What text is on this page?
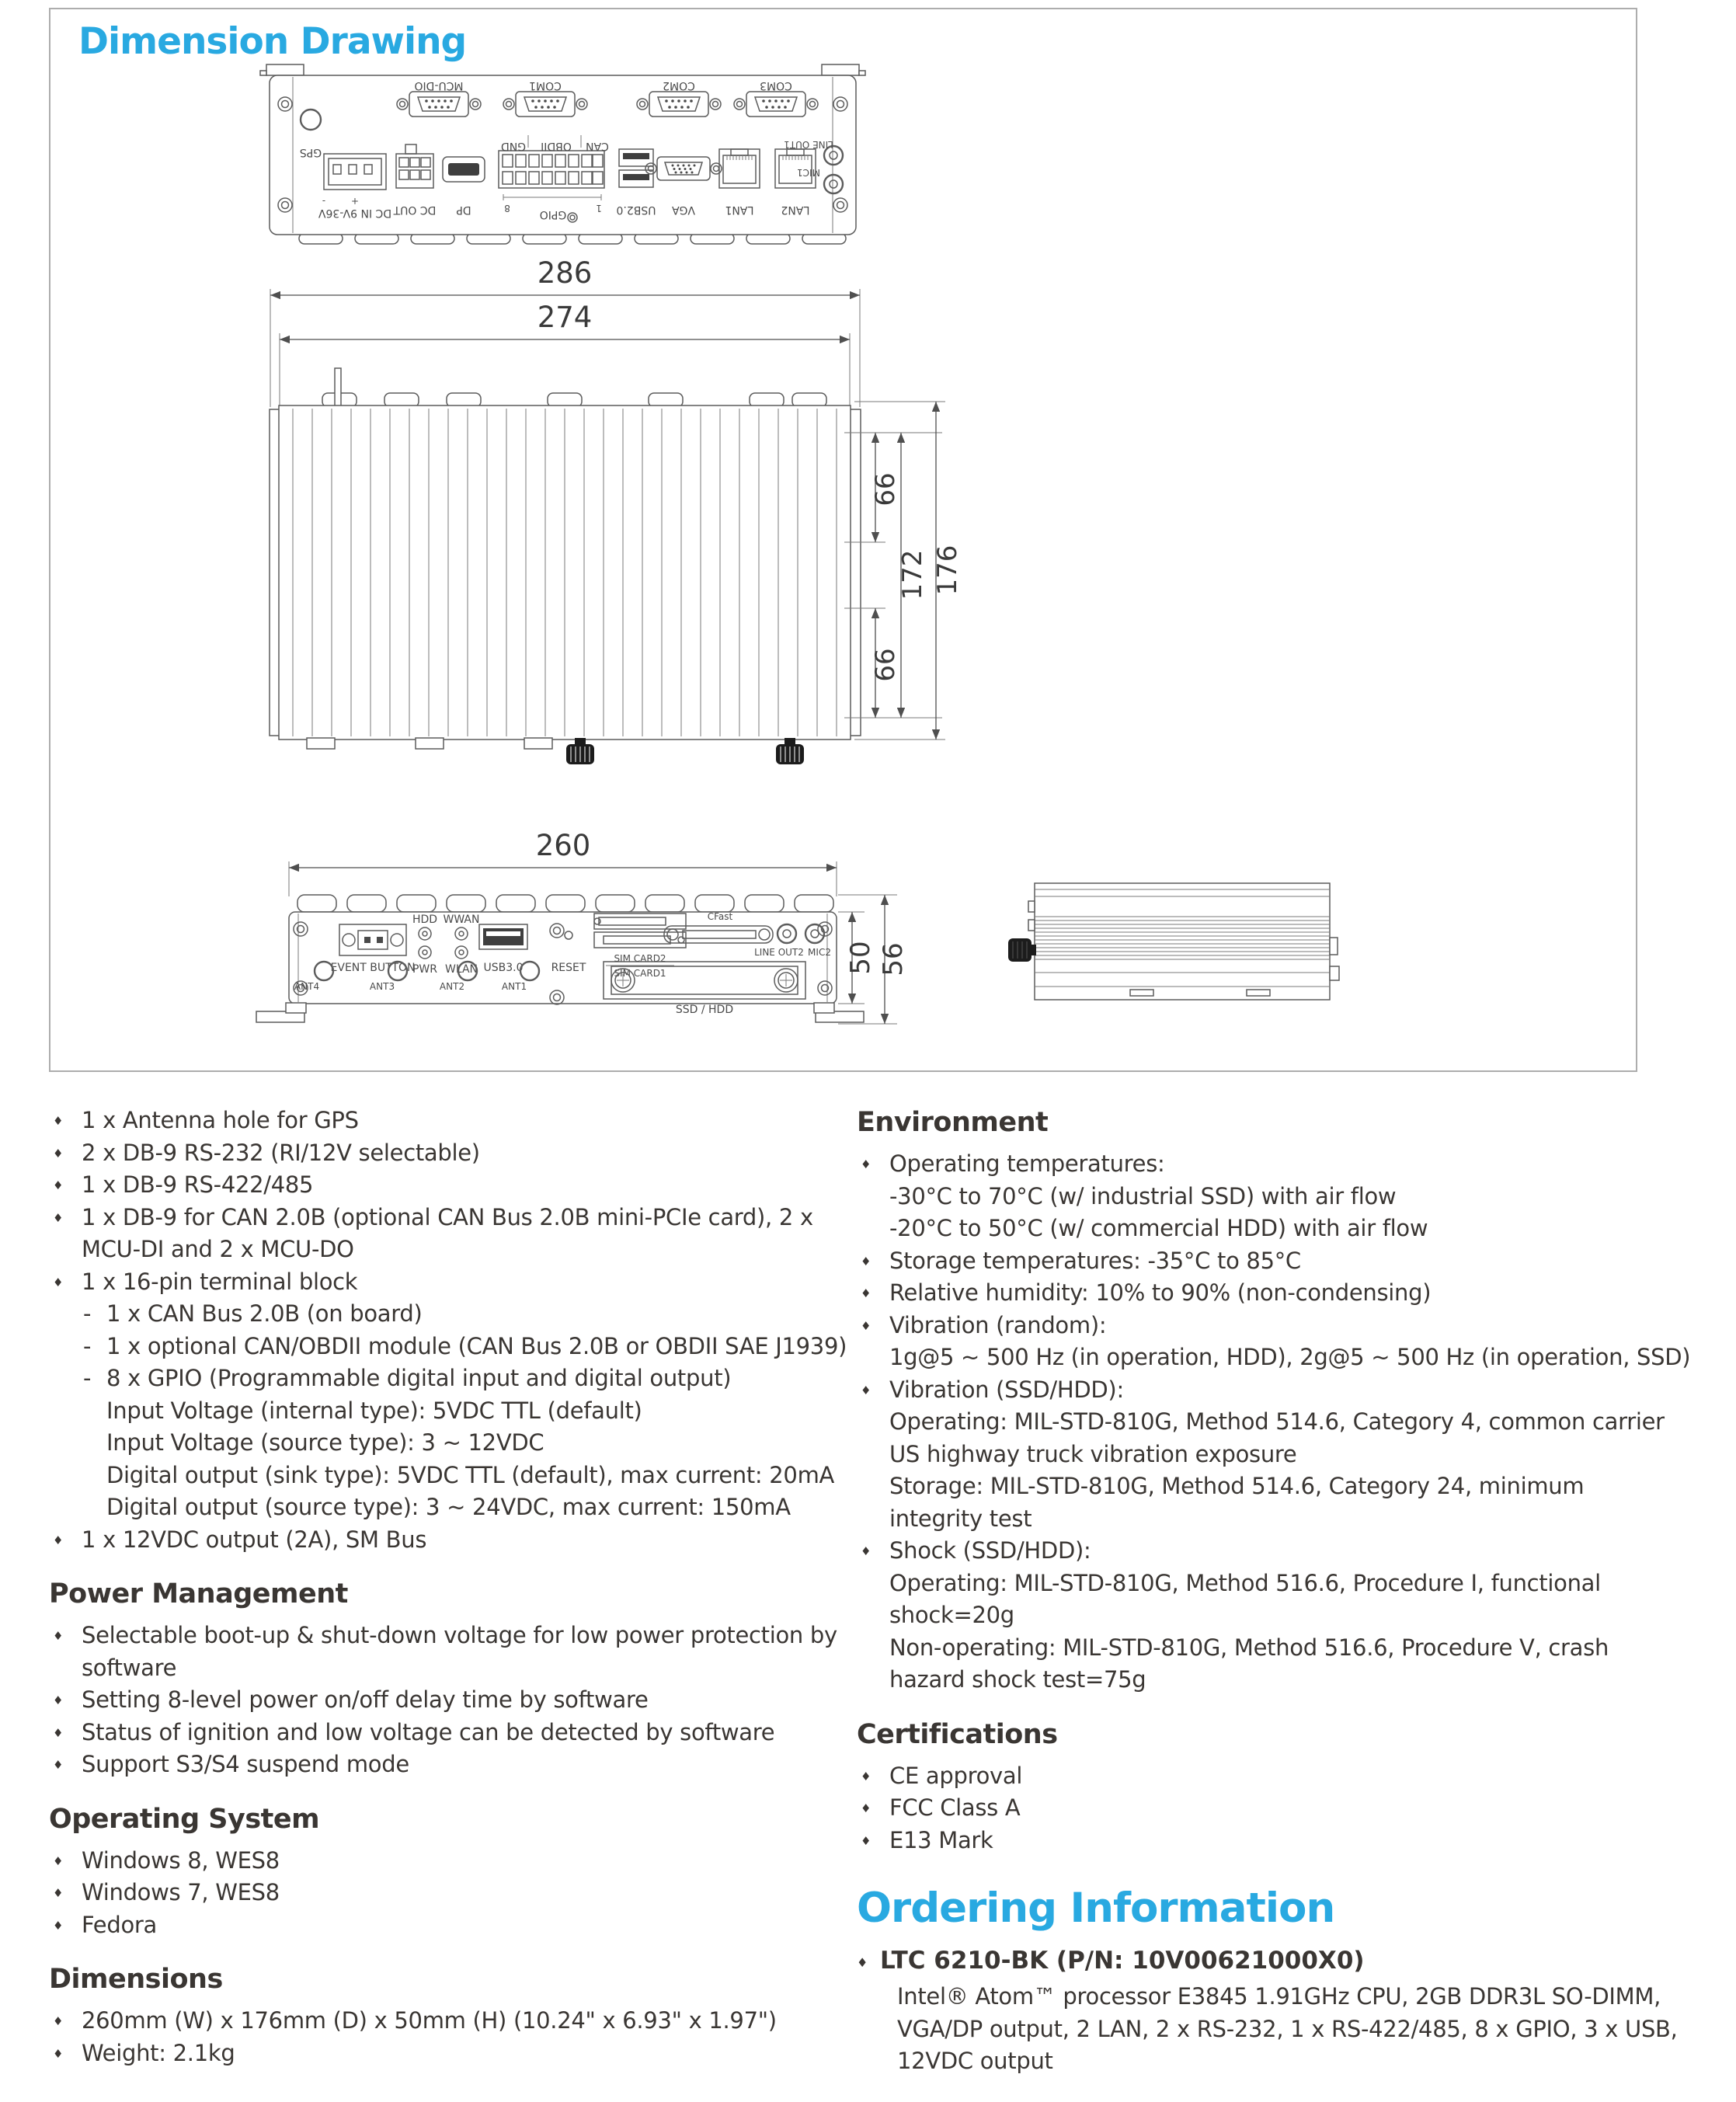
Dimension Drawing
GPS
MCU-DIO	COM1	COM2	COM3
-	+
DC IN 9V-36V DC OUT DP
GND OBDII CAN
8	1
GPIO	USB2.0 VGA	LAN1 LAN2
LINE OUT1
MIC1
286
274
66
66
172 176
260
EVENT BUTTON
HDD WWAN
PWR WLAN USB3.0	RESET
SIM CARD2
SIM CARD1
CFast
LINE OUT2 MIC2
SSD / HDD
ANT4	ANT3	ANT2	ANT1
50 56
♦ 1 x Antenna hole for GPS
♦ 2 x DB-9 RS-232 (RI/12V selectable)
♦ 1 x DB-9 RS-422/485
♦ 1 x DB-9 for CAN 2.0B (optional CAN Bus 2.0B mini-PCIe card), 2 x
MCU-DI and 2 x MCU-DO
♦ 1 x 16-pin terminal block
- 1 x CAN Bus 2.0B (on board)
- 1 x optional CAN/OBDII module (CAN Bus 2.0B or OBDII SAE J1939)
- 8 x GPIO (Programmable digital input and digital output)
Input Voltage (internal type): 5VDC TTL (default)
Input Voltage (source type): 3 ~ 12VDC
Digital output (sink type): 5VDC TTL (default), max current: 20mA
Digital output (source type): 3 ~ 24VDC, max current: 150mA
♦ 1 x 12VDC output (2A), SM Bus
Power Management
♦ Selectable boot-up & shut-down voltage for low power protection by
software
♦ Setting 8-level power on/off delay time by software
♦ Status of ignition and low voltage can be detected by software
♦ Support S3/S4 suspend mode
Operating System
♦ Windows 8, WES8
♦ Windows 7, WES8
♦ Fedora
Dimensions
♦ 260mm (W) x 176mm (D) x 50mm (H) (10.24" x 6.93" x 1.97")
♦ Weight: 2.1kg
Environment
♦ Operating temperatures:
-30°C to 70°C (w/ industrial SSD) with air flow
-20°C to 50°C (w/ commercial HDD) with air flow
♦ Storage temperatures: -35°C to 85°C
♦ Relative humidity: 10% to 90% (non-condensing)
♦ Vibration (random):
1g@5 ~ 500 Hz (in operation, HDD), 2g@5 ~ 500 Hz (in operation, SSD)
♦ Vibration (SSD/HDD):
Operating: MIL-STD-810G, Method 514.6, Category 4, common carrier
US highway truck vibration exposure
Storage: MIL-STD-810G, Method 514.6, Category 24, minimum
integrity test
♦ Shock (SSD/HDD):
Operating: MIL-STD-810G, Method 516.6, Procedure I, functional
shock=20g
Non-operating: MIL-STD-810G, Method 516.6, Procedure V, crash
hazard shock test=75g
Certifications
♦ CE approval
♦ FCC Class A
♦ E13 Mark
Ordering Information
♦ LTC 6210-BK (P/N: 10V00621000X0)
Intel® Atom™ processor E3845 1.91GHz CPU, 2GB DDR3L SO-DIMM,
VGA/DP output, 2 LAN, 2 x RS-232, 1 x RS-422/485, 8 x GPIO, 3 x USB,
12VDC output
